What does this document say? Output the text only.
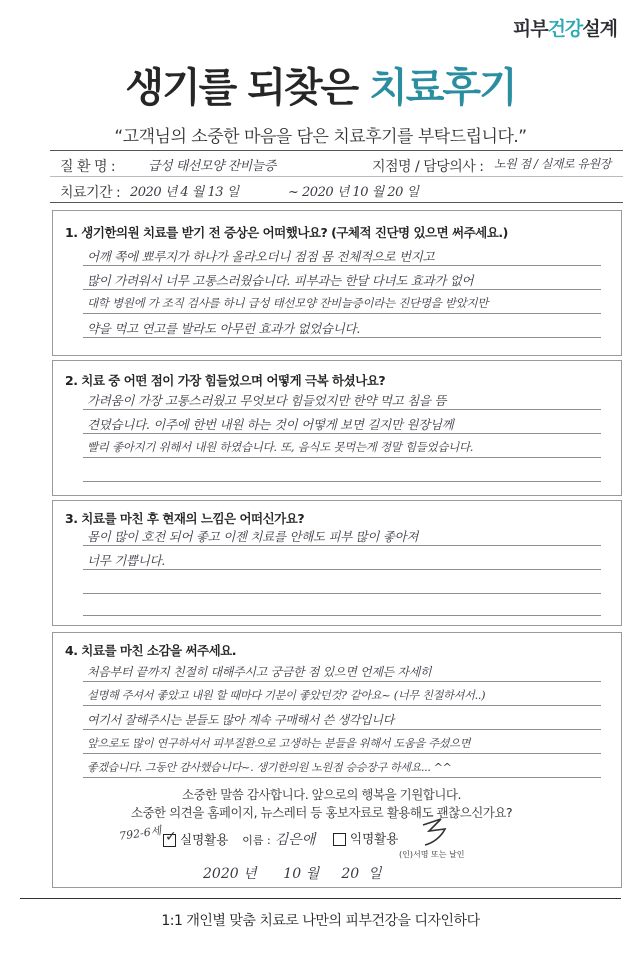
피부건강설계
생기를 되찾은 치료후기
“고객님의 소중한 마음을 담은 치료후기를 부탁드립니다.”
질 환 명 :	급성 태선모양 잔비늘증	지점명 / 담당의사 : 노원 점 / 실재로 유원장
치료기간 : 2020 년 4 월 13 일	~ 2020 년 10 월 20 일
1. 생기한의원 치료를 받기 전 증상은 어떠했나요? (구체적 진단명 있으면 써주세요.)
어깨 쪽에 뾰루지가 하나가 올라오더니 점점 몸 전체적으로 번지고
많이 가려워서 너무 고통스러웠습니다. 피부과는 한달 다녀도 효과가 없어
대학 병원에 가 조직 검사를 하니 급성 태선모양 잔비늘증이라는 진단명을 받았지만
약을 먹고 연고를 발라도 아무런 효과가 없었습니다.
2. 치료 중 어떤 점이 가장 힘들었으며 어떻게 극복 하셨나요?
가려움이 가장 고통스러웠고 무엇보다 힘들었지만 한약 먹고 침을 뜸
견뎠습니다. 이주에 한번 내원 하는 것이 어떻게 보면 길지만 원장님께
빨리 좋아지기 위해서 내원 하였습니다. 또, 음식도 못먹는게 정말 힘들었습니다.
3. 치료를 마친 후 현재의 느낌은 어떠신가요?
몸이 많이 호전 되어 좋고 이젠 치료를 안해도 피부 많이 좋아져
너무 기쁩니다.
4. 치료를 마친 소감을 써주세요.
처음부터 끝까지 친절히 대해주시고 궁금한 점 있으면 언제든 자세히
설명해 주셔서 좋았고 내원 할 때마다 기분이 좋았던것? 같아요~ (너무 친절하셔서..)
여기서 잘해주시는 분들도 많아 계속 구매해서 쓴 생각입니다
앞으로도 많이 연구하셔서 피부질환으로 고생하는 분들을 위해서 도움을 주셨으면
좋겠습니다. 그동안 감사했습니다~. 생기한의원 노원점 승승장구 하세요... ^^
소중한 말씀 감사합니다. 앞으로의 행복을 기원합니다.
소중한 의견을 홈페이지, 뉴스레터 등 홍보자료로 활용해도 괜찮으신가요?
792-6세 ✓ 실명활용 이름 : 김은애	익명활용
(인)서명 또는 날인
2020 년      10 월     20  일
1:1 개인별 맞춤 치료로 나만의 피부건강을 디자인하다
